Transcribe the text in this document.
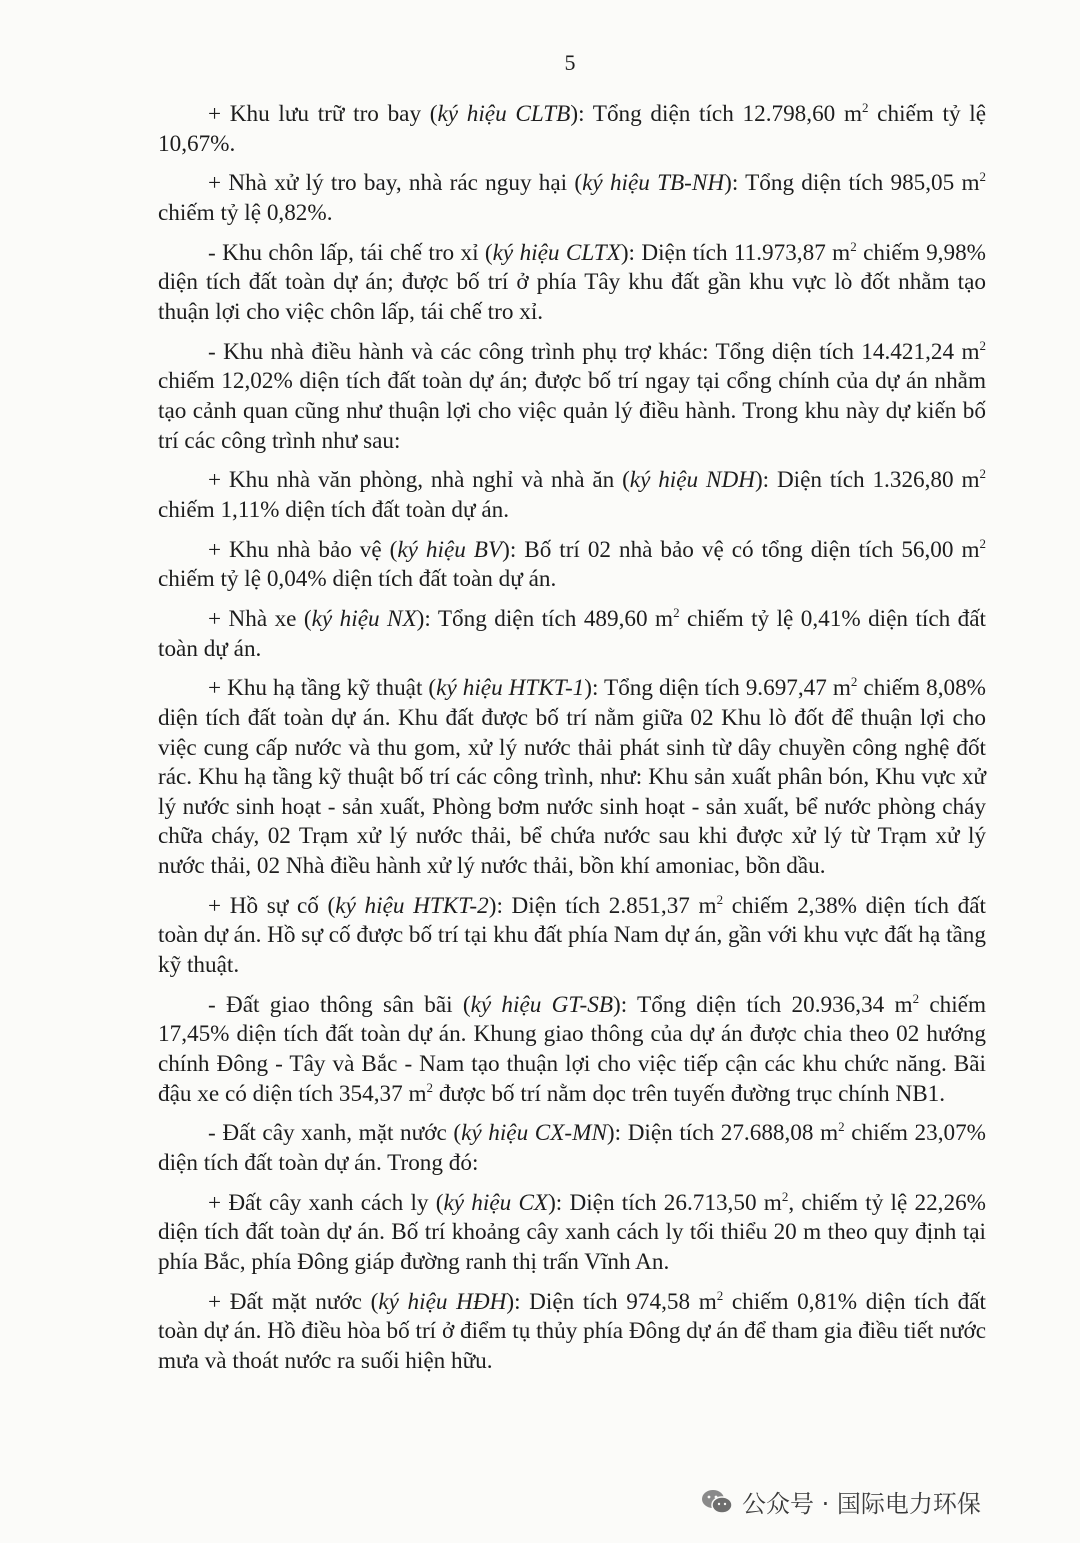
5

+ Khu lưu trữ tro bay (ký hiệu CLTB): Tổng diện tích 12.798,60 $m^2$ chiếm tỷ lệ 10,67%.

+ Nhà xử lý tro bay, nhà rác nguy hại (ký hiệu TB-NH): Tổng diện tích 985,05 $m^2$ chiếm tỷ lệ 0,82%.

- Khu chôn lấp, tái chế tro xỉ (ký hiệu CLTX): Diện tích 11.973,87 $m^2$ chiếm 9,98% diện tích đất toàn dự án; được bố trí ở phía Tây khu đất gần khu vực lò đốt nhằm tạo thuận lợi cho việc chôn lấp, tái chế tro xỉ.

- Khu nhà điều hành và các công trình phụ trợ khác: Tổng diện tích 14.421,24 $m^2$ chiếm 12,02% diện tích đất toàn dự án; được bố trí ngay tại cổng chính của dự án nhằm tạo cảnh quan cũng như thuận lợi cho việc quản lý điều hành. Trong khu này dự kiến bố trí các công trình như sau:

+ Khu nhà văn phòng, nhà nghỉ và nhà ăn (ký hiệu NDH): Diện tích 1.326,80 $m^2$ chiếm 1,11% diện tích đất toàn dự án.

+ Khu nhà bảo vệ (ký hiệu BV): Bố trí 02 nhà bảo vệ có tổng diện tích 56,00 $m^2$ chiếm tỷ lệ 0,04% diện tích đất toàn dự án.

+ Nhà xe (ký hiệu NX): Tổng diện tích 489,60 $m^2$ chiếm tỷ lệ 0,41% diện tích đất toàn dự án.

+ Khu hạ tầng kỹ thuật (ký hiệu HTKT-1): Tổng diện tích 9.697,47 $m^2$ chiếm 8,08% diện tích đất toàn dự án. Khu đất được bố trí nằm giữa 02 Khu lò đốt để thuận lợi cho việc cung cấp nước và thu gom, xử lý nước thải phát sinh từ dây chuyền công nghệ đốt rác. Khu hạ tầng kỹ thuật bố trí các công trình, như: Khu sản xuất phân bón, Khu vực xử lý nước sinh hoạt - sản xuất, Phòng bơm nước sinh hoạt - sản xuất, bể nước phòng cháy chữa cháy, 02 Trạm xử lý nước thải, bể chứa nước sau khi được xử lý từ Trạm xử lý nước thải, 02 Nhà điều hành xử lý nước thải, bồn khí amoniac, bồn dầu.

+ Hồ sự cố (ký hiệu HTKT-2): Diện tích 2.851,37 $m^2$ chiếm 2,38% diện tích đất toàn dự án. Hồ sự cố được bố trí tại khu đất phía Nam dự án, gần với khu vực đất hạ tầng kỹ thuật.

- Đất giao thông sân bãi (ký hiệu GT-SB): Tổng diện tích 20.936,34 $m^2$ chiếm 17,45% diện tích đất toàn dự án. Khung giao thông của dự án được chia theo 02 hướng chính Đông - Tây và Bắc - Nam tạo thuận lợi cho việc tiếp cận các khu chức năng. Bãi đậu xe có diện tích 354,37 $m^2$ được bố trí nằm dọc trên tuyến đường trục chính NB1.

- Đất cây xanh, mặt nước (ký hiệu CX-MN): Diện tích 27.688,08 $m^2$ chiếm 23,07% diện tích đất toàn dự án. Trong đó:

+ Đất cây xanh cách ly (ký hiệu CX): Diện tích 26.713,50 $m^2$, chiếm tỷ lệ 22,26% diện tích đất toàn dự án. Bố trí khoảng cây xanh cách ly tối thiểu 20 m theo quy định tại phía Bắc, phía Đông giáp đường ranh thị trấn Vĩnh An.

+ Đất mặt nước (ký hiệu HĐH): Diện tích 974,58 $m^2$ chiếm 0,81% diện tích đất toàn dự án. Hồ điều hòa bố trí ở điểm tụ thủy phía Đông dự án để tham gia điều tiết nước mưa và thoát nước ra suối hiện hữu.

公众号 · 国际电力环保
